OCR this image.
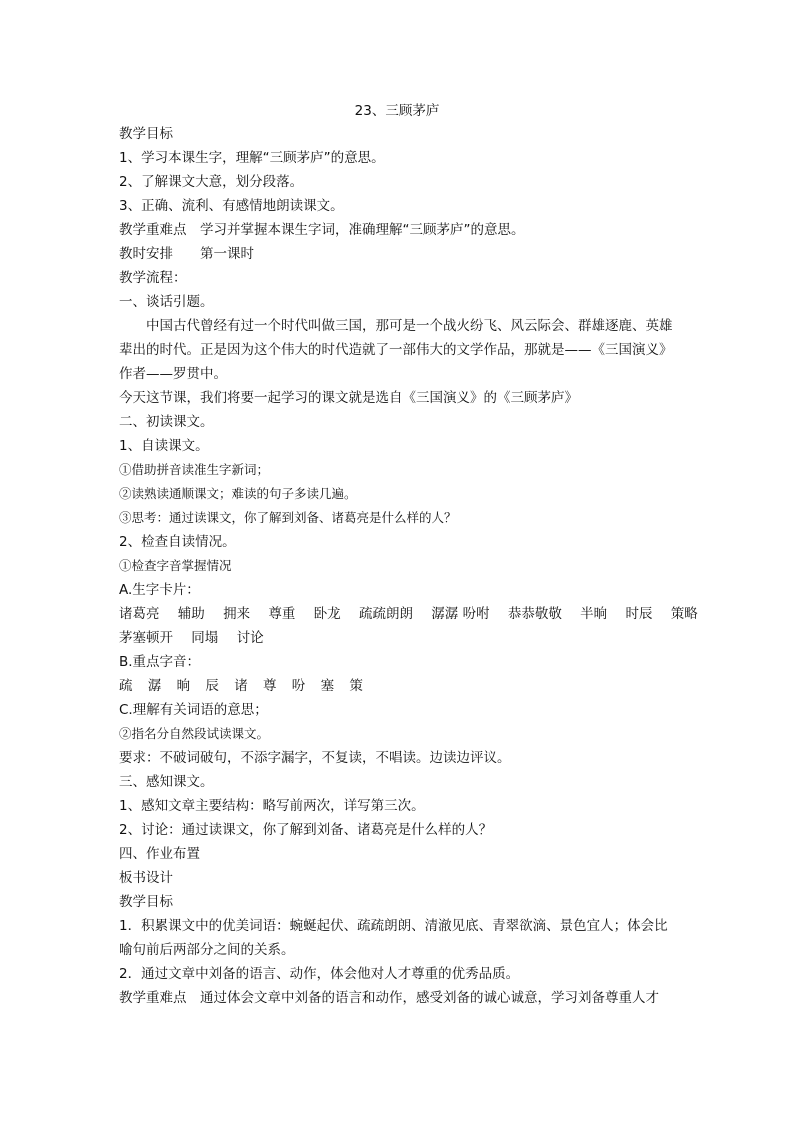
23、三顾茅庐
教学目标
1、学习本课生字，理解“三顾茅庐”的意思。
2、了解课文大意，划分段落。
3、正确、流利、有感情地朗读课文。
教学重难点　学习并掌握本课生字词，准确理解“三顾茅庐”的意思。
教时安排　　第一课时
教学流程：
一、谈话引题。
中国古代曾经有过一个时代叫做三国，那可是一个战火纷飞、风云际会、群雄逐鹿、英雄辈出的时代。正是因为这个伟大的时代造就了一部伟大的文学作品，那就是——《三国演义》 作者——罗贯中。
今天这节课，我们将要一起学习的课文就是选自《三国演义》的《三顾茅庐》
二、初读课文。
1、自读课文。
①借助拼音读准生字新词；
②读熟读通顺课文；难读的句子多读几遍。
③思考：通过读课文，你了解到刘备、诸葛亮是什么样的人？
2、检查自读情况。
①检查字音掌握情况
A.生字卡片：
诸葛亮 辅助 拥来 尊重 卧龙 疏疏朗朗 潺潺 吩咐 恭恭敬敬 半晌 时辰 策略
茅塞顿开 同塌 讨论
B.重点字音：
疏 潺 晌 辰 诸 尊 吩 塞 策
C.理解有关词语的意思；
②指名分自然段试读课文。
要求：不破词破句，不添字漏字，不复读，不唱读。边读边评议。
三、感知课文。
1、感知文章主要结构：略写前两次，详写第三次。
2、讨论：通过读课文，你了解到刘备、诸葛亮是什么样的人？
四、作业布置
板书设计
教学目标
1．积累课文中的优美词语：蜿蜒起伏、疏疏朗朗、清澈见底、青翠欲滴、景色宜人；体会比喻句前后两部分之间的关系。
2．通过文章中刘备的语言、动作，体会他对人才尊重的优秀品质。
教学重难点　通过体会文章中刘备的语言和动作，感受刘备的诚心诚意，学习刘备尊重人才
